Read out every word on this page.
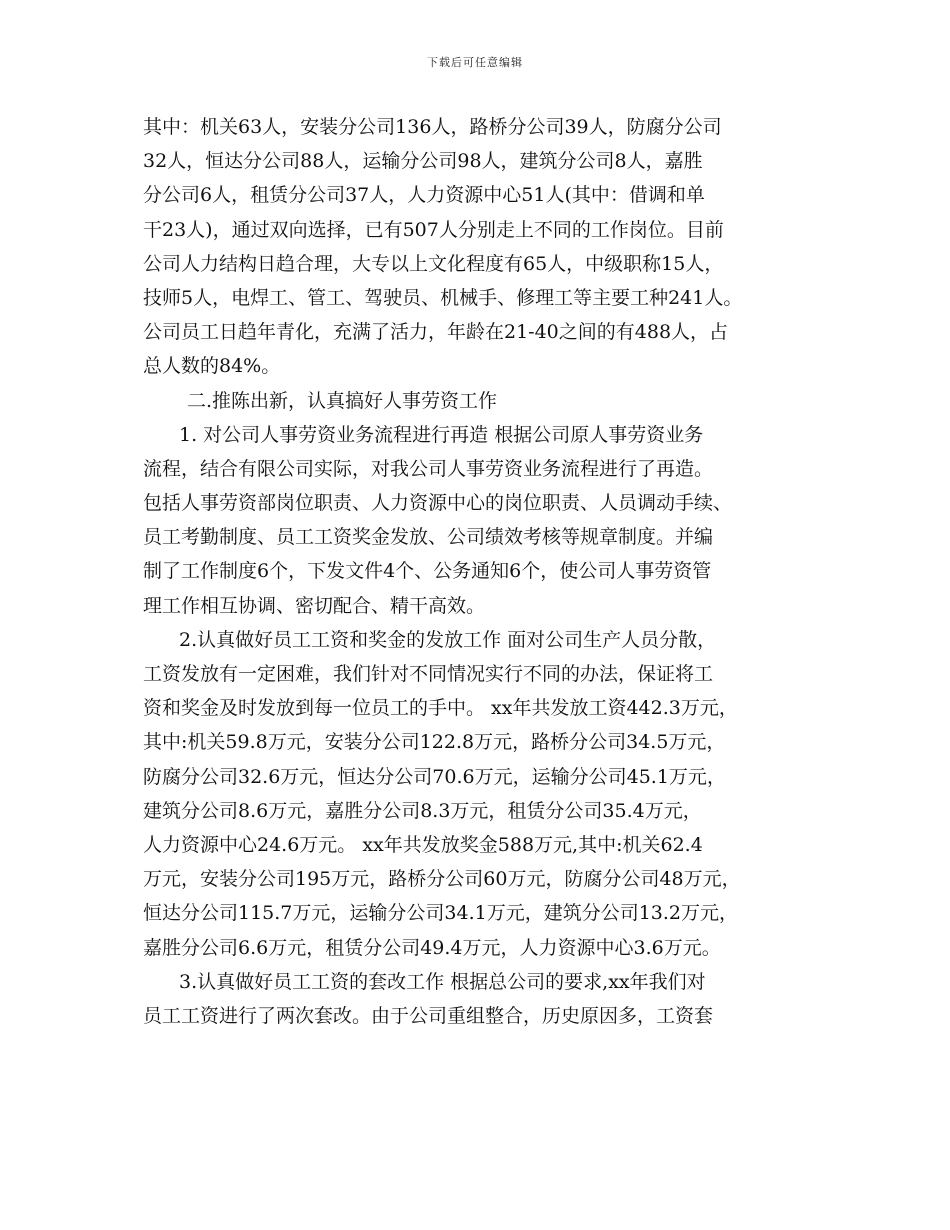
下载后可任意编辑
其中：机关63人，安装分公司136人，路桥分公司39人，防腐分公司
32人，恒达分公司88人，运输分公司98人，建筑分公司8人，嘉胜
分公司6人，租赁分公司37人，人力资源中心51人(其中：借调和单
干23人)，通过双向选择，已有507人分别走上不同的工作岗位。目前
公司人力结构日趋合理，大专以上文化程度有65人，中级职称15人，
技师5人，电焊工、管工、驾驶员、机械手、修理工等主要工种241人。
公司员工日趋年青化，充满了活力，年龄在21-40之间的有488人，占
总人数的84%。
二.推陈出新，认真搞好人事劳资工作
1. 对公司人事劳资业务流程进行再造 根据公司原人事劳资业务
流程，结合有限公司实际，对我公司人事劳资业务流程进行了再造。
包括人事劳资部岗位职责、人力资源中心的岗位职责、人员调动手续、
员工考勤制度、员工工资奖金发放、公司绩效考核等规章制度。并编
制了工作制度6个，下发文件4个、公务通知6个，使公司人事劳资管
理工作相互协调、密切配合、精干高效。
2.认真做好员工工资和奖金的发放工作 面对公司生产人员分散，
工资发放有一定困难，我们针对不同情况实行不同的办法，保证将工
资和奖金及时发放到每一位员工的手中。 xx年共发放工资442.3万元，
其中:机关59.8万元，安装分公司122.8万元，路桥分公司34.5万元，
防腐分公司32.6万元，恒达分公司70.6万元，运输分公司45.1万元，
建筑分公司8.6万元，嘉胜分公司8.3万元，租赁分公司35.4万元，
人力资源中心24.6万元。 xx年共发放奖金588万元,其中:机关62.4
万元，安装分公司195万元，路桥分公司60万元，防腐分公司48万元，
恒达分公司115.7万元，运输分公司34.1万元，建筑分公司13.2万元，
嘉胜分公司6.6万元，租赁分公司49.4万元，人力资源中心3.6万元。
3.认真做好员工工资的套改工作 根据总公司的要求,xx年我们对
员工工资进行了两次套改。由于公司重组整合，历史原因多，工资套
